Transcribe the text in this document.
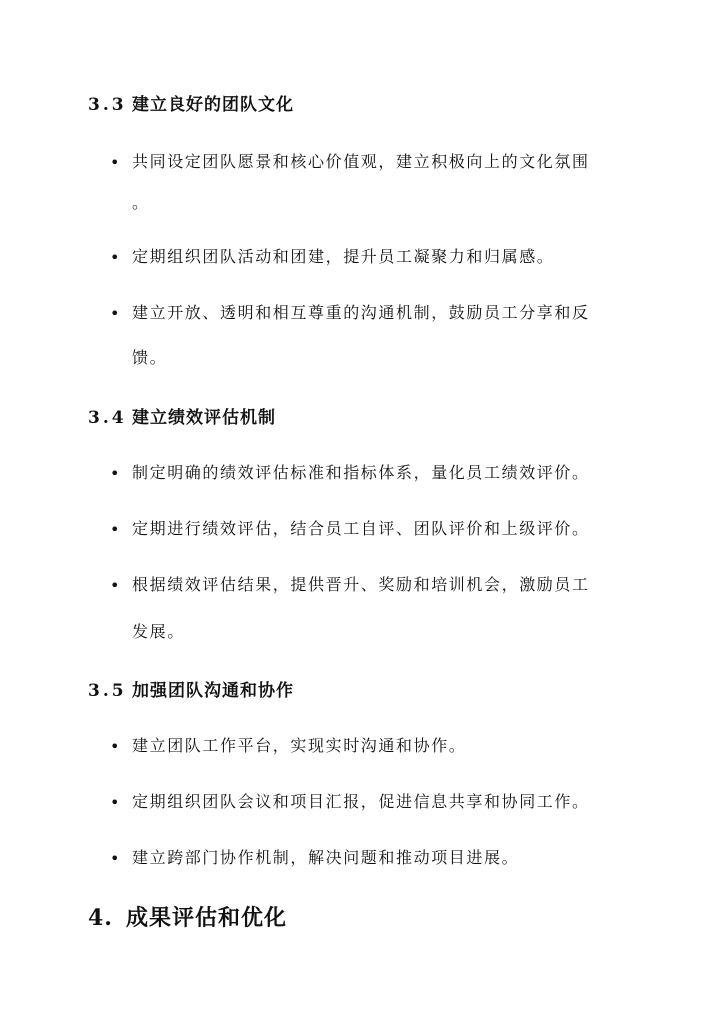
3.3 建立良好的团队文化
• 共同设定团队愿景和核心价值观，建立积极向上的文化氛围
。
• 定期组织团队活动和团建，提升员工凝聚力和归属感。
• 建立开放、透明和相互尊重的沟通机制，鼓励员工分享和反
馈。
3.4 建立绩效评估机制
• 制定明确的绩效评估标准和指标体系，量化员工绩效评价。
• 定期进行绩效评估，结合员工自评、团队评价和上级评价。
• 根据绩效评估结果，提供晋升、奖励和培训机会，激励员工
发展。
3.5 加强团队沟通和协作
• 建立团队工作平台，实现实时沟通和协作。
• 定期组织团队会议和项目汇报，促进信息共享和协同工作。
• 建立跨部门协作机制，解决问题和推动项目进展。
4. 成果评估和优化
